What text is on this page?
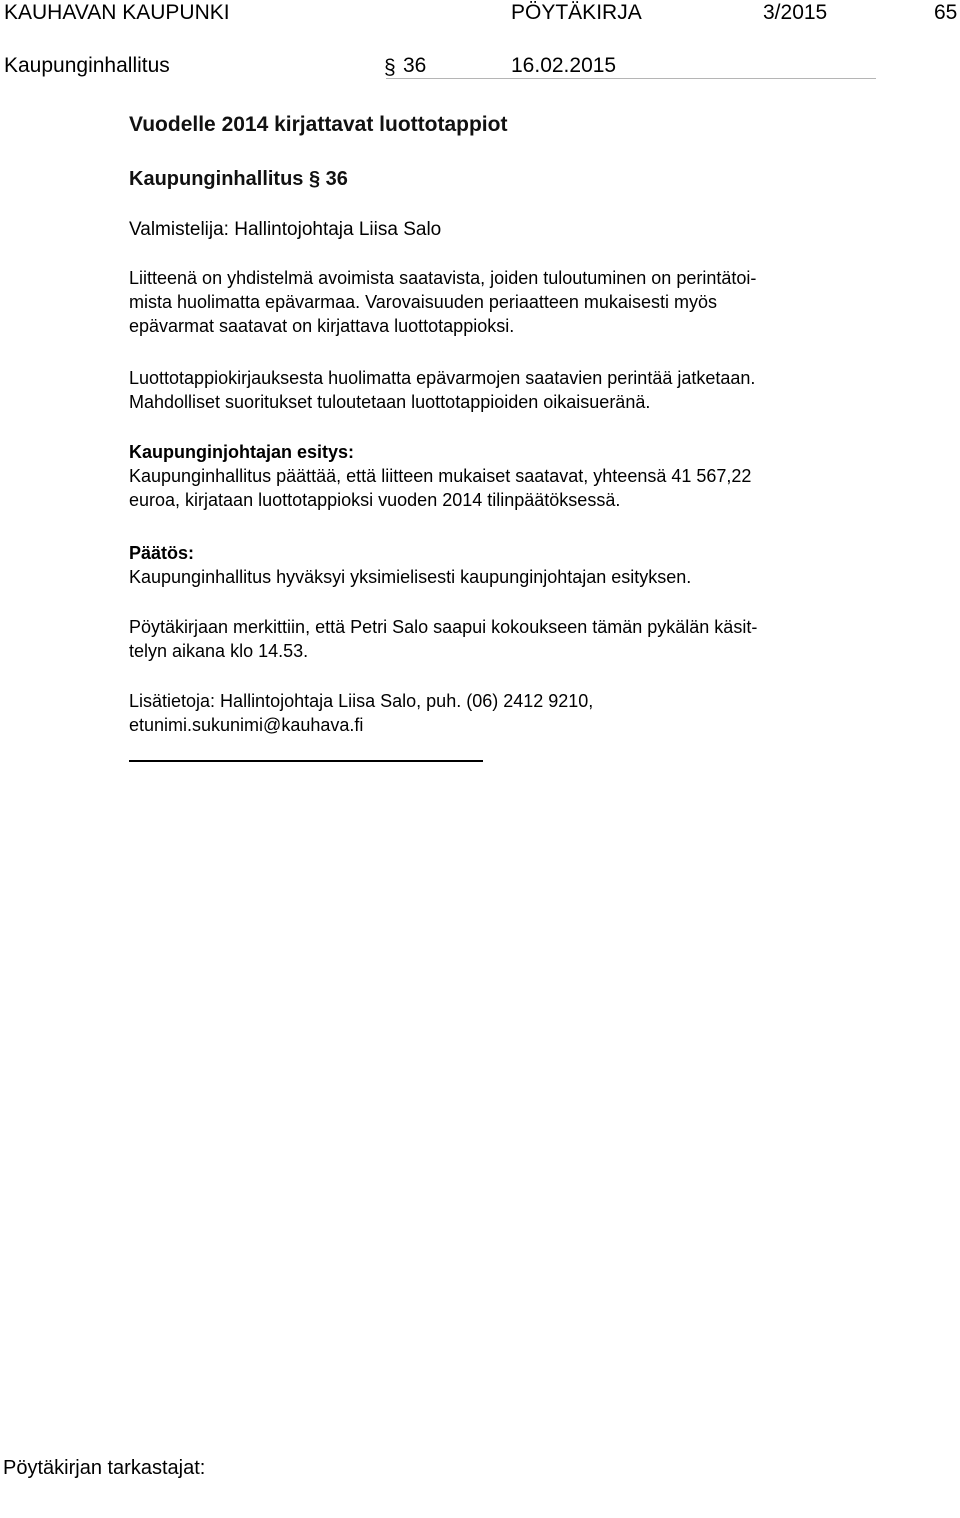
KAUHAVAN KAUPUNKI	PÖYTÄKIRJA	3/2015	65
Kaupunginhallitus	§ 36	16.02.2015
Vuodelle 2014 kirjattavat luottotappiot
Kaupunginhallitus § 36
Valmistelija: Hallintojohtaja Liisa Salo
Liitteenä on yhdistelmä avoimista saatavista, joiden tuloutuminen on perintätoi-
mista huolimatta epävarmaa. Varovaisuuden periaatteen mukaisesti myös
epävarmat saatavat on kirjattava luottotappioksi.
Luottotappiokirjauksesta huolimatta epävarmojen saatavien perintää jatketaan.
Mahdolliset suoritukset tuloutetaan luottotappioiden oikaisueränä.
Kaupunginjohtajan esitys:
Kaupunginhallitus päättää, että liitteen mukaiset saatavat, yhteensä 41 567,22
euroa, kirjataan luottotappioksi vuoden 2014 tilinpäätöksessä.
Päätös:
Kaupunginhallitus hyväksyi yksimielisesti kaupunginjohtajan esityksen.
Pöytäkirjaan merkittiin, että Petri Salo saapui kokoukseen tämän pykälän käsit-
telyn aikana klo 14.53.
Lisätietoja: Hallintojohtaja Liisa Salo, puh. (06) 2412 9210,
etunimi.sukunimi@kauhava.fi
Pöytäkirjan tarkastajat:
